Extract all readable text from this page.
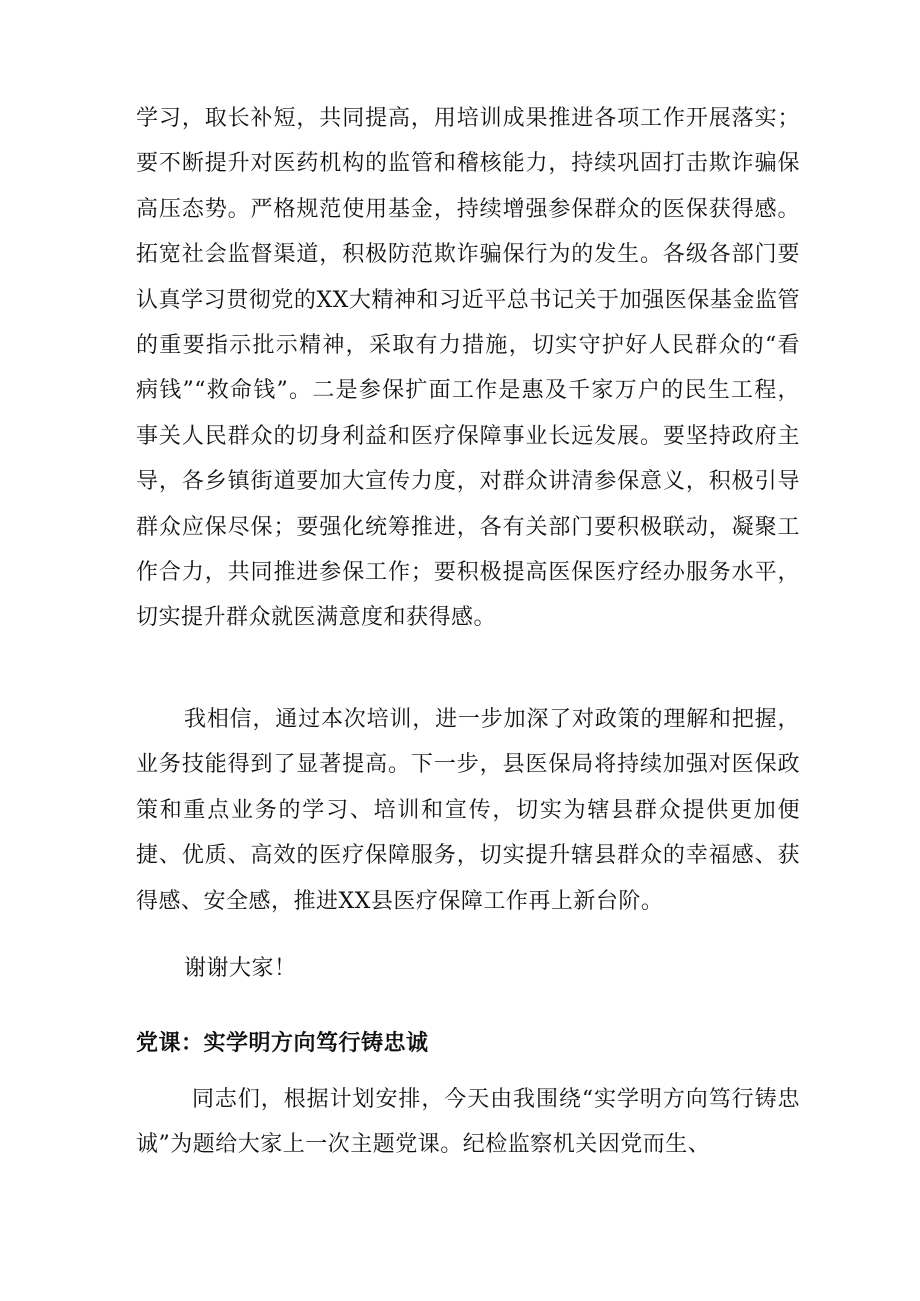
学习，取长补短，共同提高，用培训成果推进各项工作开展落实；要不断提升对医药机构的监管和稽核能力，持续巩固打击欺诈骗保高压态势。严格规范使用基金，持续增强参保群众的医保获得感。拓宽社会监督渠道，积极防范欺诈骗保行为的发生。各级各部门要认真学习贯彻党的XX大精神和习近平总书记关于加强医保基金监管的重要指示批示精神，采取有力措施，切实守护好人民群众的“看病钱”“救命钱”。二是参保扩面工作是惠及千家万户的民生工程，事关人民群众的切身利益和医疗保障事业长远发展。要坚持政府主导，各乡镇街道要加大宣传力度，对群众讲清参保意义，积极引导群众应保尽保；要强化统筹推进，各有关部门要积极联动，凝聚工作合力，共同推进参保工作；要积极提高医保医疗经办服务水平，切实提升群众就医满意度和获得感。

我相信，通过本次培训，进一步加深了对政策的理解和把握，业务技能得到了显著提高。下一步，县医保局将持续加强对医保政策和重点业务的学习、培训和宣传，切实为辖县群众提供更加便捷、优质、高效的医疗保障服务，切实提升辖县群众的幸福感、获得感、安全感，推进XX县医疗保障工作再上新台阶。

谢谢大家！

党课：实学明方向笃行铸忠诚

同志们，根据计划安排，今天由我围绕“实学明方向笃行铸忠诚”为题给大家上一次主题党课。纪检监察机关因党而生、
